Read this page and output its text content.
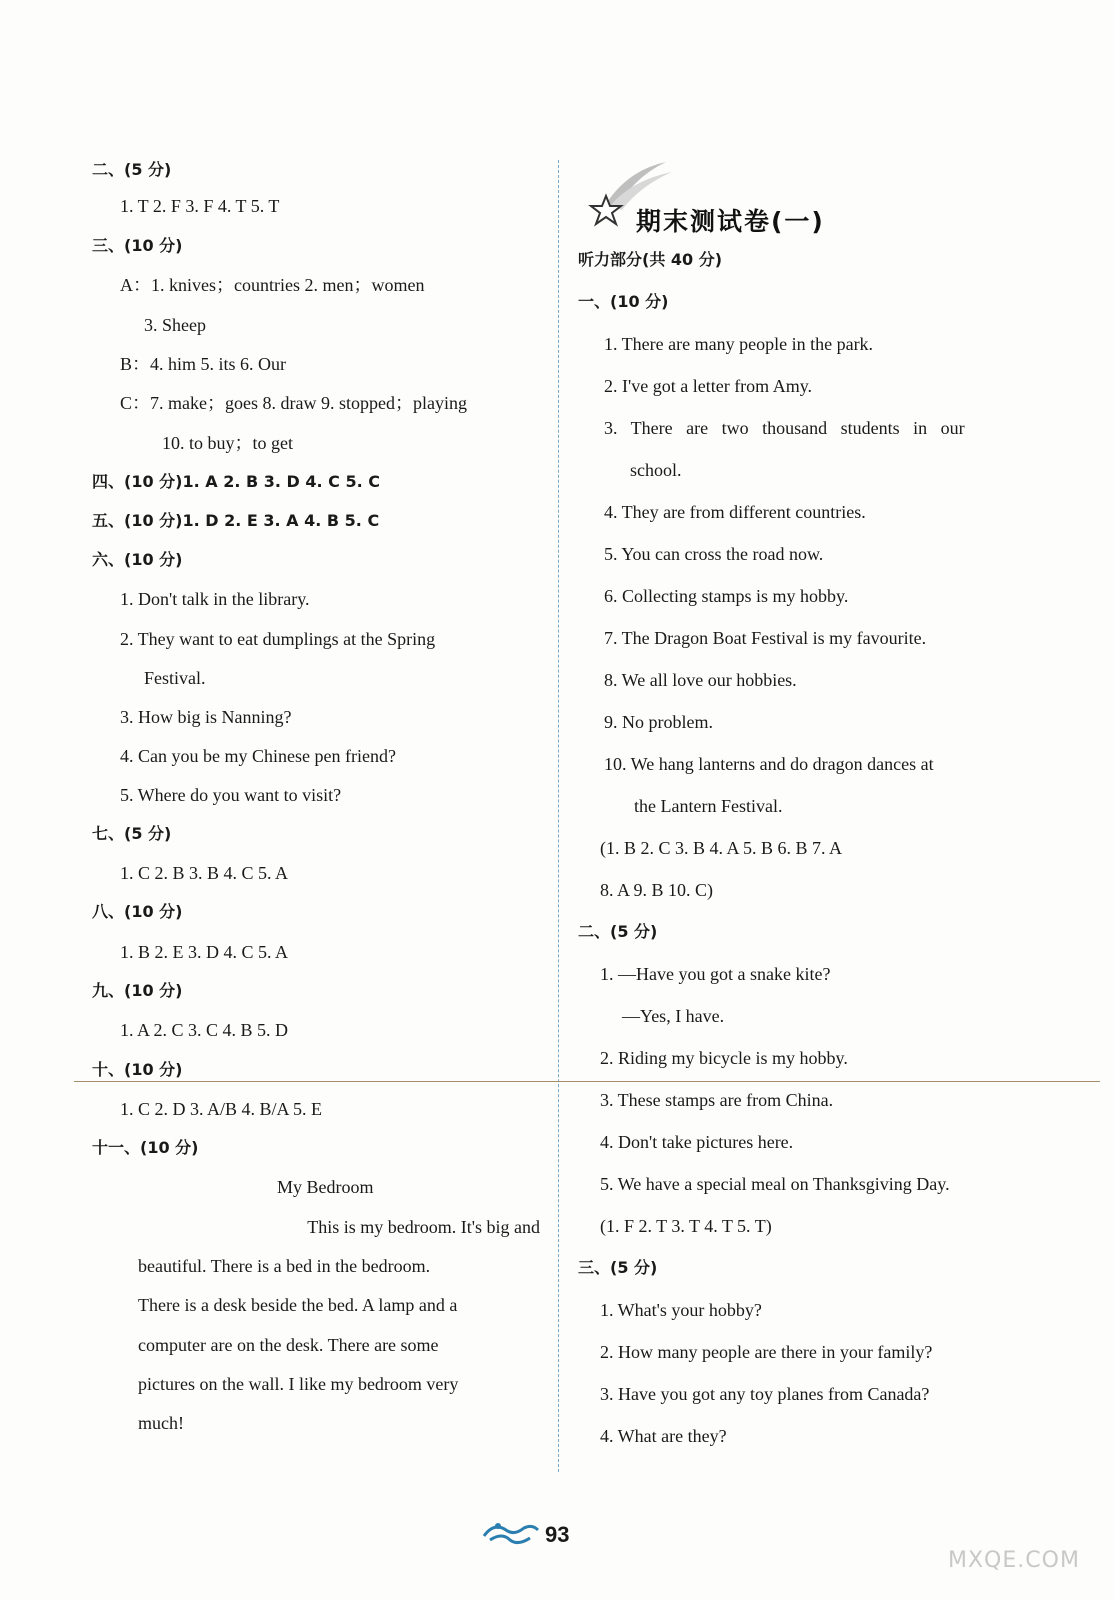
二、(5 分)
1. T 2. F 3. F 4. T 5. T
三、(10 分)
A：1. knives；countries 2. men；women
3. Sheep
B：4. him 5. its 6. Our
C：7. make；goes 8. draw 9. stopped；playing
10. to buy；to get
四、(10 分)1. A 2. B 3. D 4. C 5. C
五、(10 分)1. D 2. E 3. A 4. B 5. C
六、(10 分)
1. Don't talk in the library.
2. They want to eat dumplings at the Spring
Festival.
3. How big is Nanning?
4. Can you be my Chinese pen friend?
5. Where do you want to visit?
七、(5 分)
1. C 2. B 3. B 4. C 5. A
八、(10 分)
1. B 2. E 3. D 4. C 5. A
九、(10 分)
1. A 2. C 3. C 4. B 5. D
十、(10 分)
1. C 2. D 3. A/B 4. B/A 5. E
十一、(10 分)
My Bedroom
This is my bedroom. It's big and
beautiful. There is a bed in the bedroom.
There is a desk beside the bed. A lamp and a
computer are on the desk. There are some
pictures on the wall. I like my bedroom very
much!
期末测试卷(一)
听力部分(共 40 分)
一、(10 分)
1. There are many people in the park.
2. I've got a letter from Amy.
3. There are two thousand students in our
school.
4. They are from different countries.
5. You can cross the road now.
6. Collecting stamps is my hobby.
7. The Dragon Boat Festival is my favourite.
8. We all love our hobbies.
9. No problem.
10. We hang lanterns and do dragon dances at
the Lantern Festival.
(1. B 2. C 3. B 4. A 5. B 6. B 7. A
8. A 9. B 10. C)
二、(5 分)
1. —Have you got a snake kite?
—Yes, I have.
2. Riding my bicycle is my hobby.
3. These stamps are from China.
4. Don't take pictures here.
5. We have a special meal on Thanksgiving Day.
(1. F 2. T 3. T 4. T 5. T)
三、(5 分)
1. What's your hobby?
2. How many people are there in your family?
3. Have you got any toy planes from Canada?
4. What are they?
93
MXQE.COM
